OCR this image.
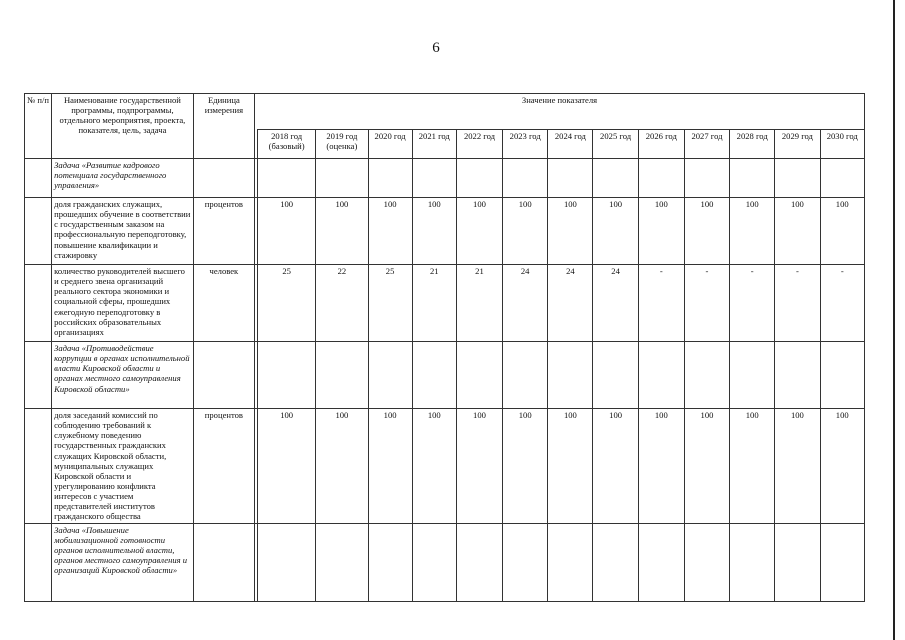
6
№ п/п	Наименование государственной программы, подпрограммы, отдельного мероприятия, проекта, показателя, цель, задача	Единица измерения	Значение показателя													
				2018 год (базовый)	2019 год (оценка)	2020 год	2021 год	2022 год	2023 год	2024 год	2025 год	2026 год	2027 год	2028 год	2029 год	2030 год
	Задача «Развитие кадрового потенциала государственного управления»															
	доля гражданских служащих, прошедших обучение в соответствии с государственным заказом на профессиональную переподготовку, повышение квалификации и стажировку	процентов		100	100	100	100	100	100	100	100	100	100	100	100	100
	количество руководителей высшего и среднего звена организаций реального сектора экономики и социальной сферы, прошедших ежегодную переподготовку в российских образовательных организациях	человек		25	22	25	21	21	24	24	24	-	-	-	-	-
	Задача «Противодействие коррупции в органах исполнительной власти Кировской области и органах местного самоуправления Кировской области»															
	доля заседаний комиссий по соблюдению требований к служебному поведению государственных гражданских служащих Кировской области, муниципальных служащих Кировской области и урегулированию конфликта интересов с участием представителей институтов гражданского общества	процентов		100	100	100	100	100	100	100	100	100	100	100	100	100
	Задача «Повышение мобилизационной готовности органов исполнительной власти, органов местного самоуправления и организаций Кировской области»															
